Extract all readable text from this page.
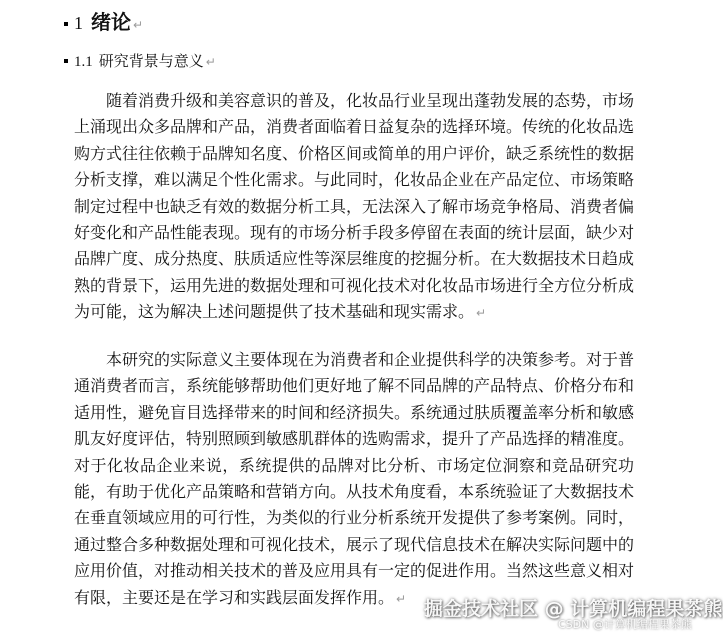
1 绪论 ↵
1.1 研究背景与意义 ↵

随着消费升级和美容意识的普及，化妆品行业呈现出蓬勃发展的态势，市场上涌现出众多品牌和产品，消费者面临着日益复杂的选择环境。传统的化妆品选购方式往往依赖于品牌知名度、价格区间或简单的用户评价，缺乏系统性的数据分析支撑，难以满足个性化需求。与此同时，化妆品企业在产品定位、市场策略制定过程中也缺乏有效的数据分析工具，无法深入了解市场竞争格局、消费者偏好变化和产品性能表现。现有的市场分析手段多停留在表面的统计层面，缺少对品牌广度、成分热度、肤质适应性等深层维度的挖掘分析。在大数据技术日趋成熟的背景下，运用先进的数据处理和可视化技术对化妆品市场进行全方位分析成为可能，这为解决上述问题提供了技术基础和现实需求。 ↵

本研究的实际意义主要体现在为消费者和企业提供科学的决策参考。对于普通消费者而言，系统能够帮助他们更好地了解不同品牌的产品特点、价格分布和适用性，避免盲目选择带来的时间和经济损失。系统通过肤质覆盖率分析和敏感肌友好度评估，特别照顾到敏感肌群体的选购需求，提升了产品选择的精准度。对于化妆品企业来说，系统提供的品牌对比分析、市场定位洞察和竞品研究功能，有助于优化产品策略和营销方向。从技术角度看，本系统验证了大数据技术在垂直领域应用的可行性，为类似的行业分析系统开发提供了参考案例。同时，通过整合多种数据处理和可视化技术，展示了现代信息技术在解决实际问题中的应用价值，对推动相关技术的普及应用具有一定的促进作用。当然这些意义相对有限，主要还是在学习和实践层面发挥作用。 ↵ 掘金技术社区 @ 计算机编程果茶熊
CSDN @计算机编程果茶熊
